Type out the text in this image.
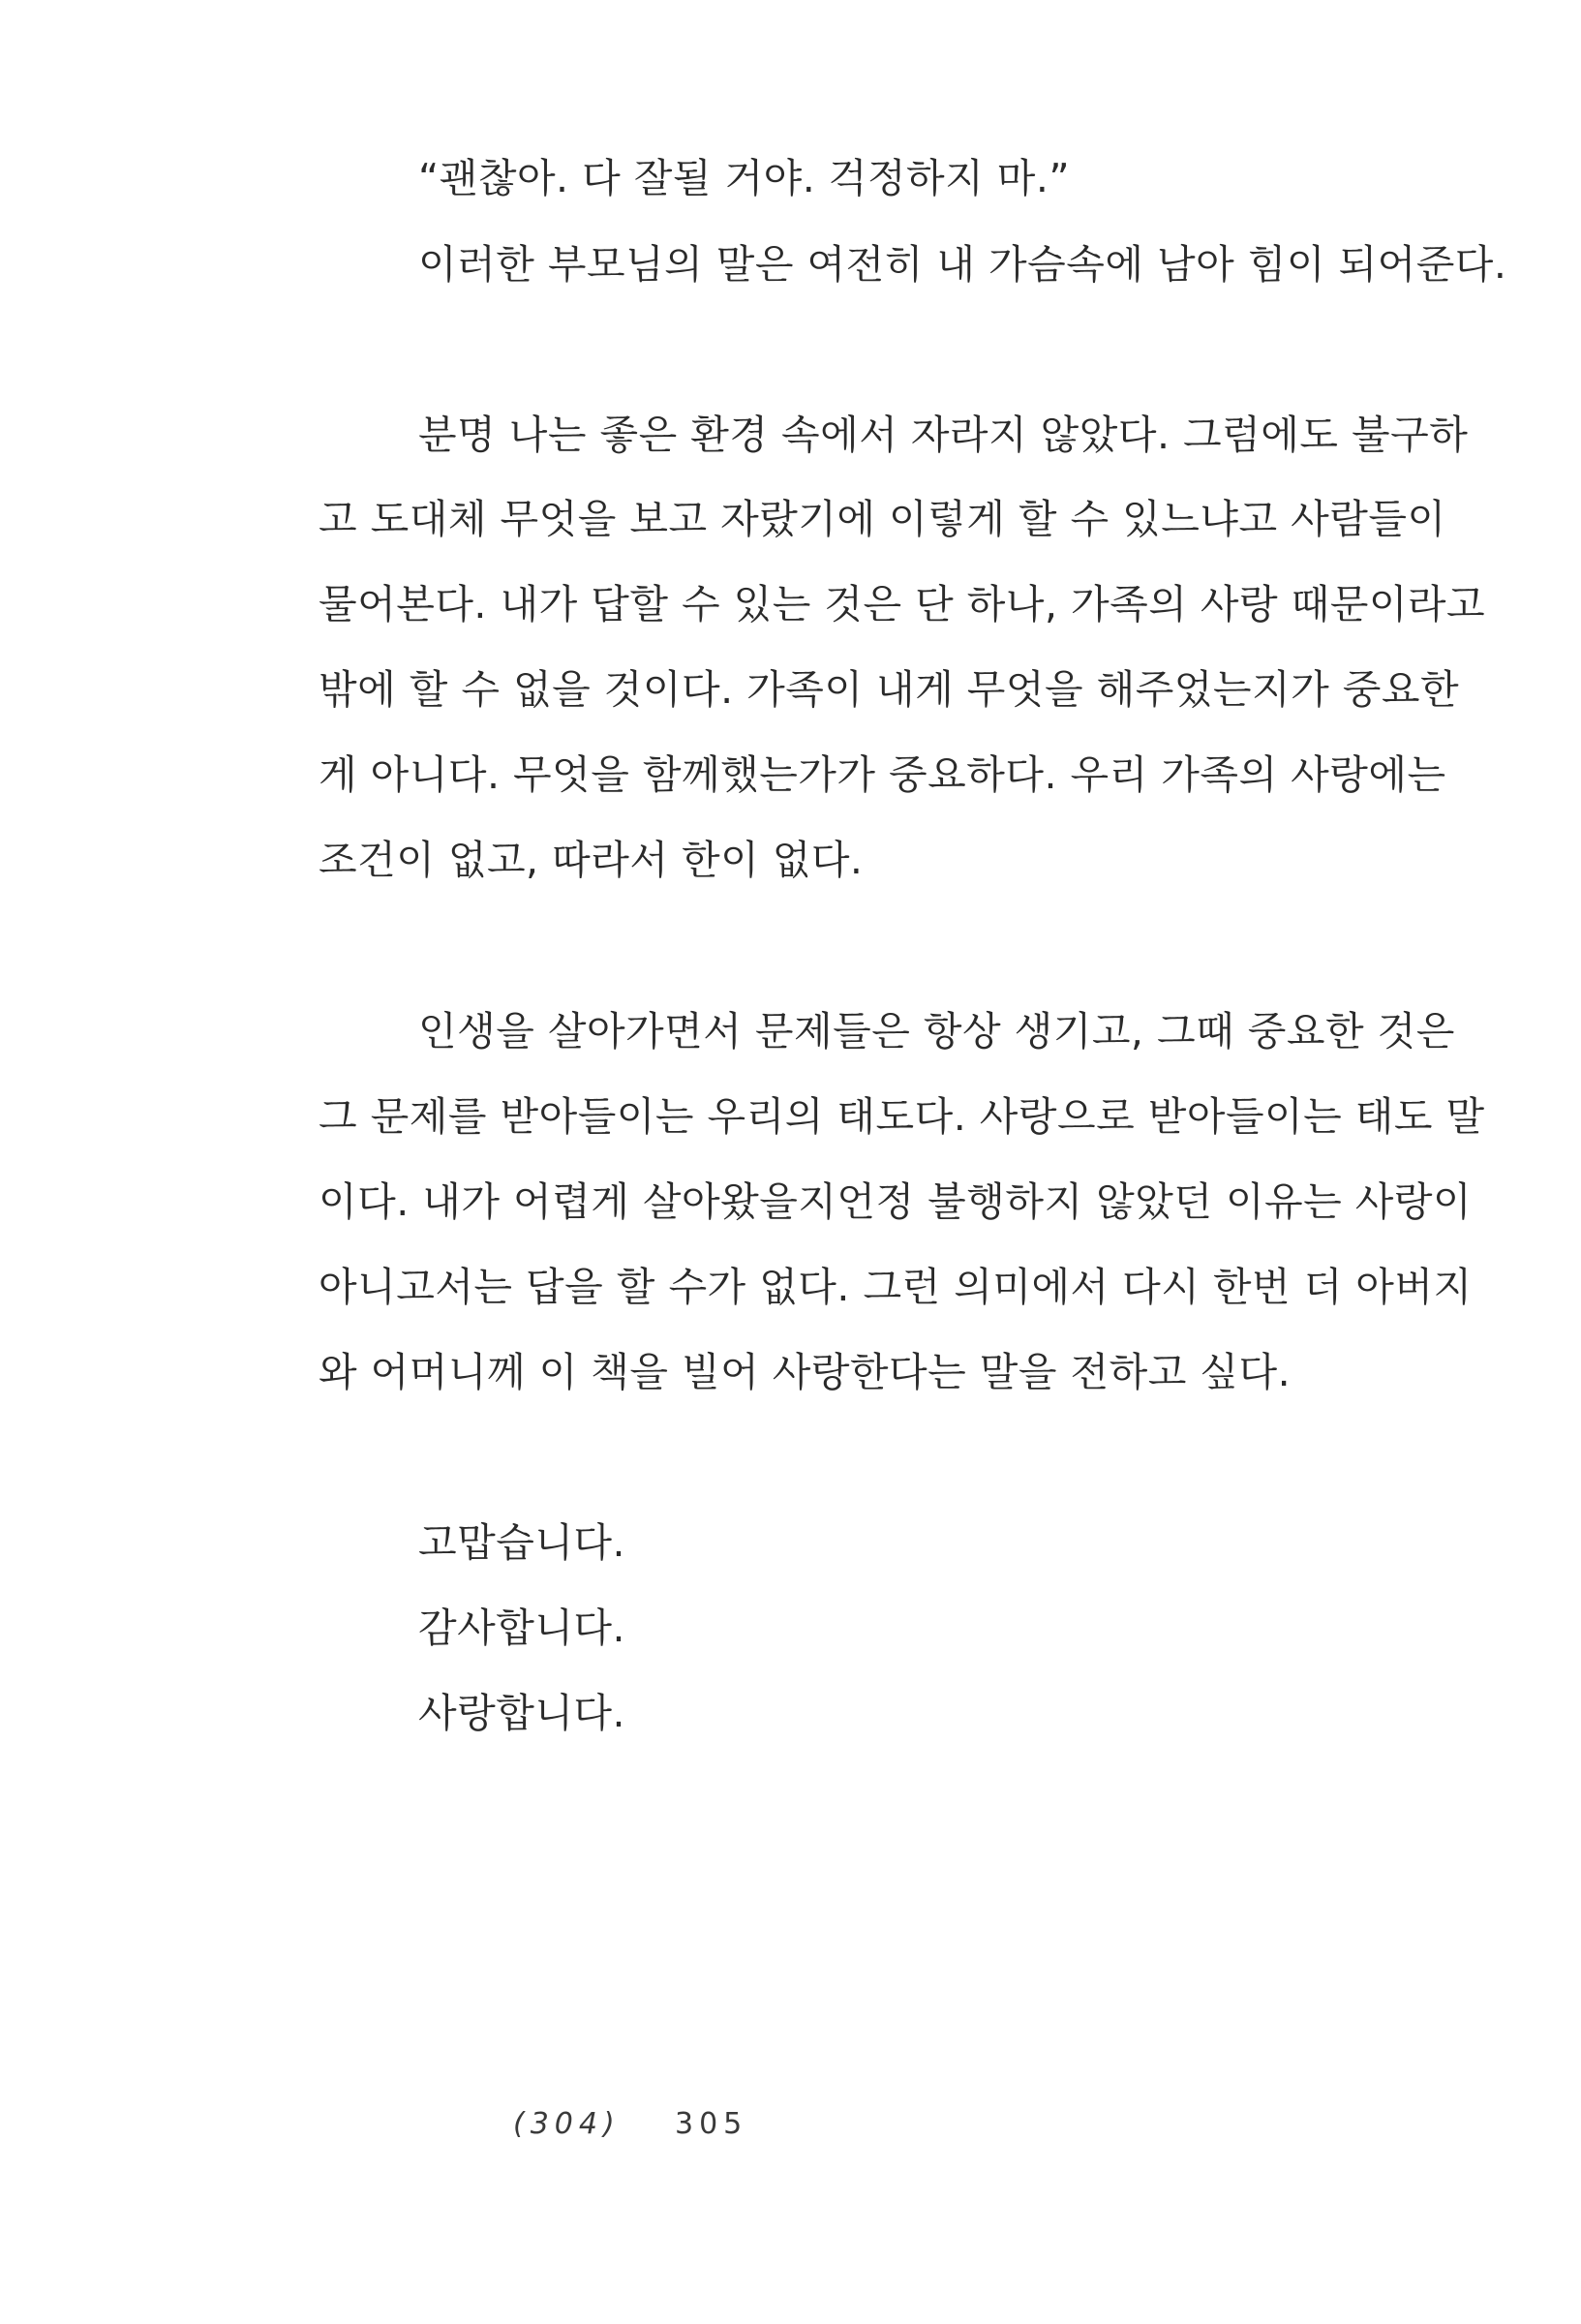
“괜찮아. 다 잘될 거야. 걱정하지 마.”
이러한 부모님의 말은 여전히 내 가슴속에 남아 힘이 되어준다.
분명 나는 좋은 환경 속에서 자라지 않았다. 그럼에도 불구하
고 도대체 무엇을 보고 자랐기에 이렇게 할 수 있느냐고 사람들이
물어본다. 내가 답할 수 있는 것은 단 하나, 가족의 사랑 때문이라고
밖에 할 수 없을 것이다. 가족이 내게 무엇을 해주었는지가 중요한
게 아니다. 무엇을 함께했는가가 중요하다. 우리 가족의 사랑에는
조건이 없고, 따라서 한이 없다.
인생을 살아가면서 문제들은 항상 생기고, 그때 중요한 것은
그 문제를 받아들이는 우리의 태도다. 사랑으로 받아들이는 태도 말
이다. 내가 어렵게 살아왔을지언정 불행하지 않았던 이유는 사랑이
아니고서는 답을 할 수가 없다. 그런 의미에서 다시 한번 더 아버지
와 어머니께 이 책을 빌어 사랑한다는 말을 전하고 싶다.
고맙습니다.
감사합니다.
사랑합니다.
(304) 305
